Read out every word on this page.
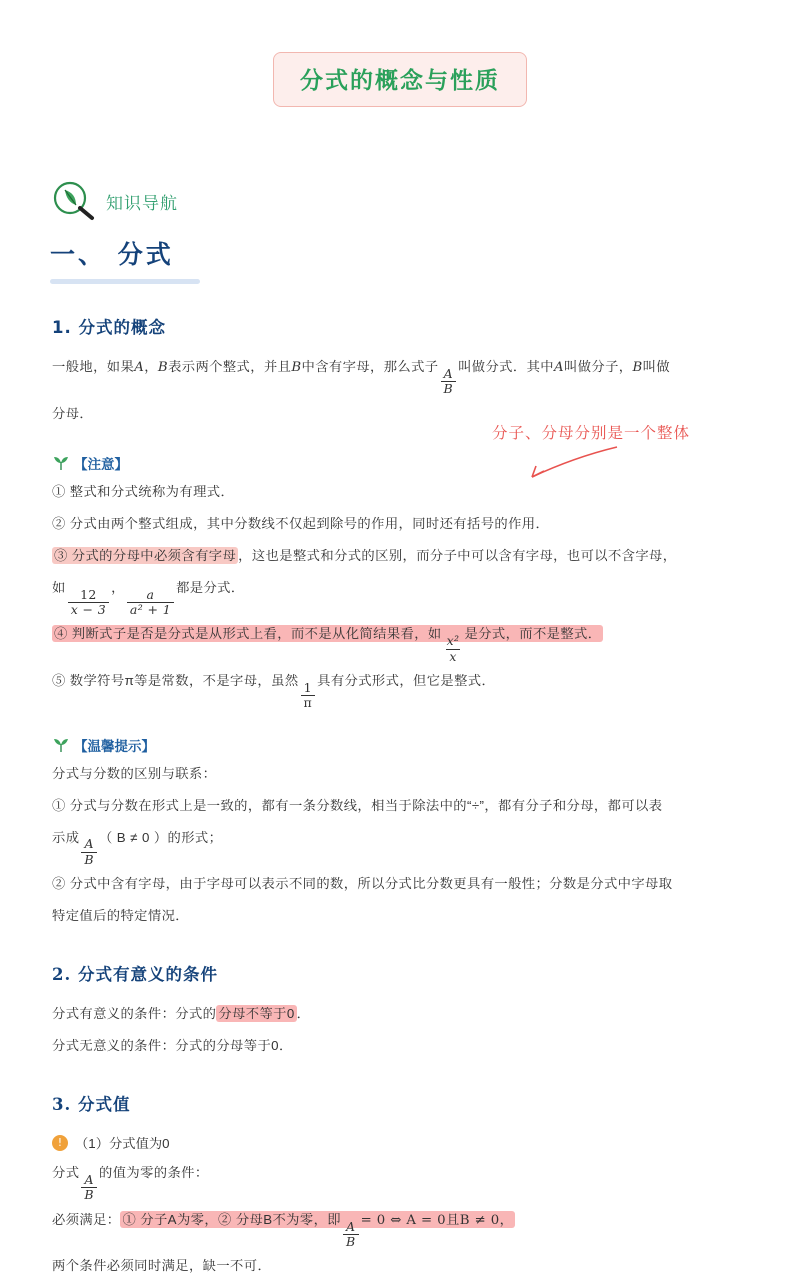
分式的概念与性质
知识导航
一、 分式
1. 分式的概念
一般地，如果A，B表示两个整式，并且B中含有字母，那么式子
$\frac{A}{B}$
叫做分式．其中A叫做分子，B叫做
分母．
【注意】
① 整式和分式统称为有理式．
② 分式由两个整式组成，其中分数线不仅起到除号的作用，同时还有括号的作用．
③ 分式的分母中必须含有字母 ，这也是整式和分式的区别，而分子中可以含有字母，也可以不含字母，
如
$\frac{12}{x - 3}$
，
$\frac{a}{\text{a² + 1}}$
都是分式．
④ 判断式子是否是分式是从形式上看，而不是从化简结果看，如
$\frac{\text{x²}}{x}$
是分式，而不是整式．
⑤ 数学符号π等是常数，不是字母，虽然
$\frac{1}{\pi}$
具有分式形式，但它是整式．
【温馨提示】
分式与分数的区别与联系：
① 分式与分数在形式上是一致的，都有一条分数线，相当于除法中的“÷”，都有分子和分母，都可以表
示成
$\frac{A}{B}$
（ B ≠ 0 ）的形式；
② 分式中含有字母，由于字母可以表示不同的数，所以分式比分数更具有一般性；分数是分式中字母取
特定值后的特定情况．
2. 分式有意义的条件
分式有意义的条件：分式的 分母不等于0 ．
分式无意义的条件：分式的分母等于0．
3. 分式值
! （1）分式值为0
分式
$\frac{A}{B}$
的值为零的条件：
必须满足： ① 分子A为零，② 分母B不为零，即
$\frac{A}{B} = 0$ ⇔ A = 0且B ≠ 0，
两个条件必须同时满足，缺一不可．
分子、分母分别是一个整体
